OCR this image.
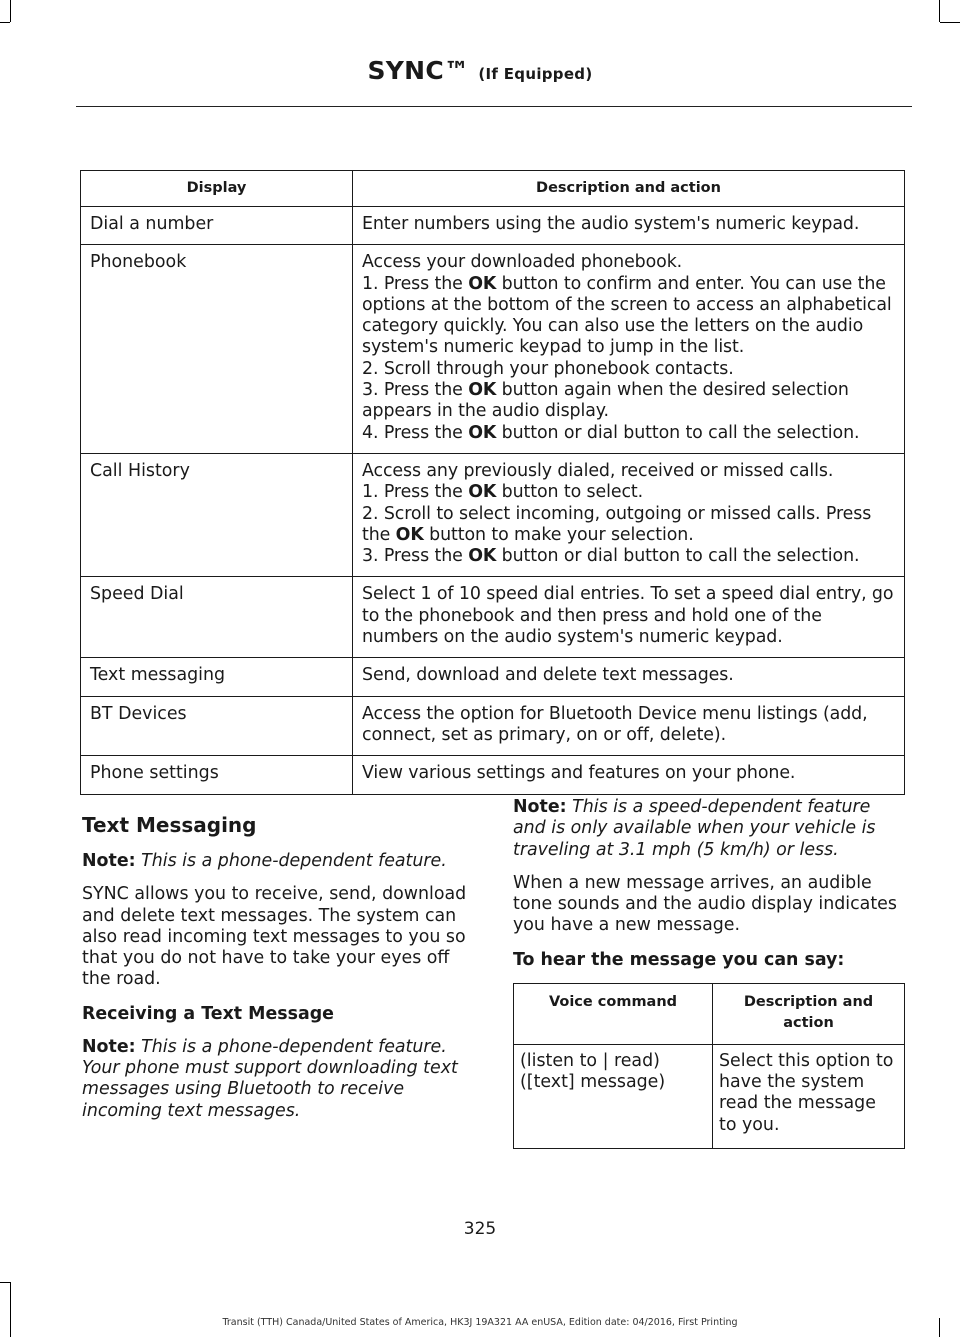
SYNC™ (If Equipped)
Display	Description and action
Dial a number	Enter numbers using the audio system's numeric keypad.

Phonebook	Access your downloaded phonebook.
1. Press the OK button to confirm and enter. You can use the options at the bottom of the screen to access an alphabetical category quickly. You can also use the letters on the audio system's numeric keypad to jump in the list.
2. Scroll through your phonebook contacts.
3. Press the OK button again when the desired selection appears in the audio display.
4. Press the OK button or dial button to call the selection.

Call History	Access any previously dialed, received or missed calls.
1. Press the OK button to select.
2. Scroll to select incoming, outgoing or missed calls. Press the OK button to make your selection.
3. Press the OK button or dial button to call the selection.

Speed Dial	Select 1 of 10 speed dial entries. To set a speed dial entry, go to the phonebook and then press and hold one of the numbers on the audio system's numeric keypad.

Text messaging	Send, download and delete text messages.

BT Devices	Access the option for Bluetooth Device menu listings (add, connect, set as primary, on or off, delete).

Phone settings	View various settings and features on your phone.
Text Messaging

Note: This is a phone-dependent feature.

SYNC allows you to receive, send, download and delete text messages. The system can also read incoming text messages to you so that you do not have to take your eyes off the road.

Receiving a Text Message

Note: This is a phone-dependent feature. Your phone must support downloading text messages using Bluetooth to receive incoming text messages.

Note: This is a speed-dependent feature and is only available when your vehicle is traveling at 3.1 mph (5 km/h) or less.

When a new message arrives, an audible tone sounds and the audio display indicates you have a new message.

To hear the message you can say:
Voice command	Description and action
(listen to | read) ([text] message)	Select this option to have the system read the message to you.
325
Transit (TTH) Canada/United States of America, HK3J 19A321 AA enUSA, Edition date: 04/2016, First Printing
